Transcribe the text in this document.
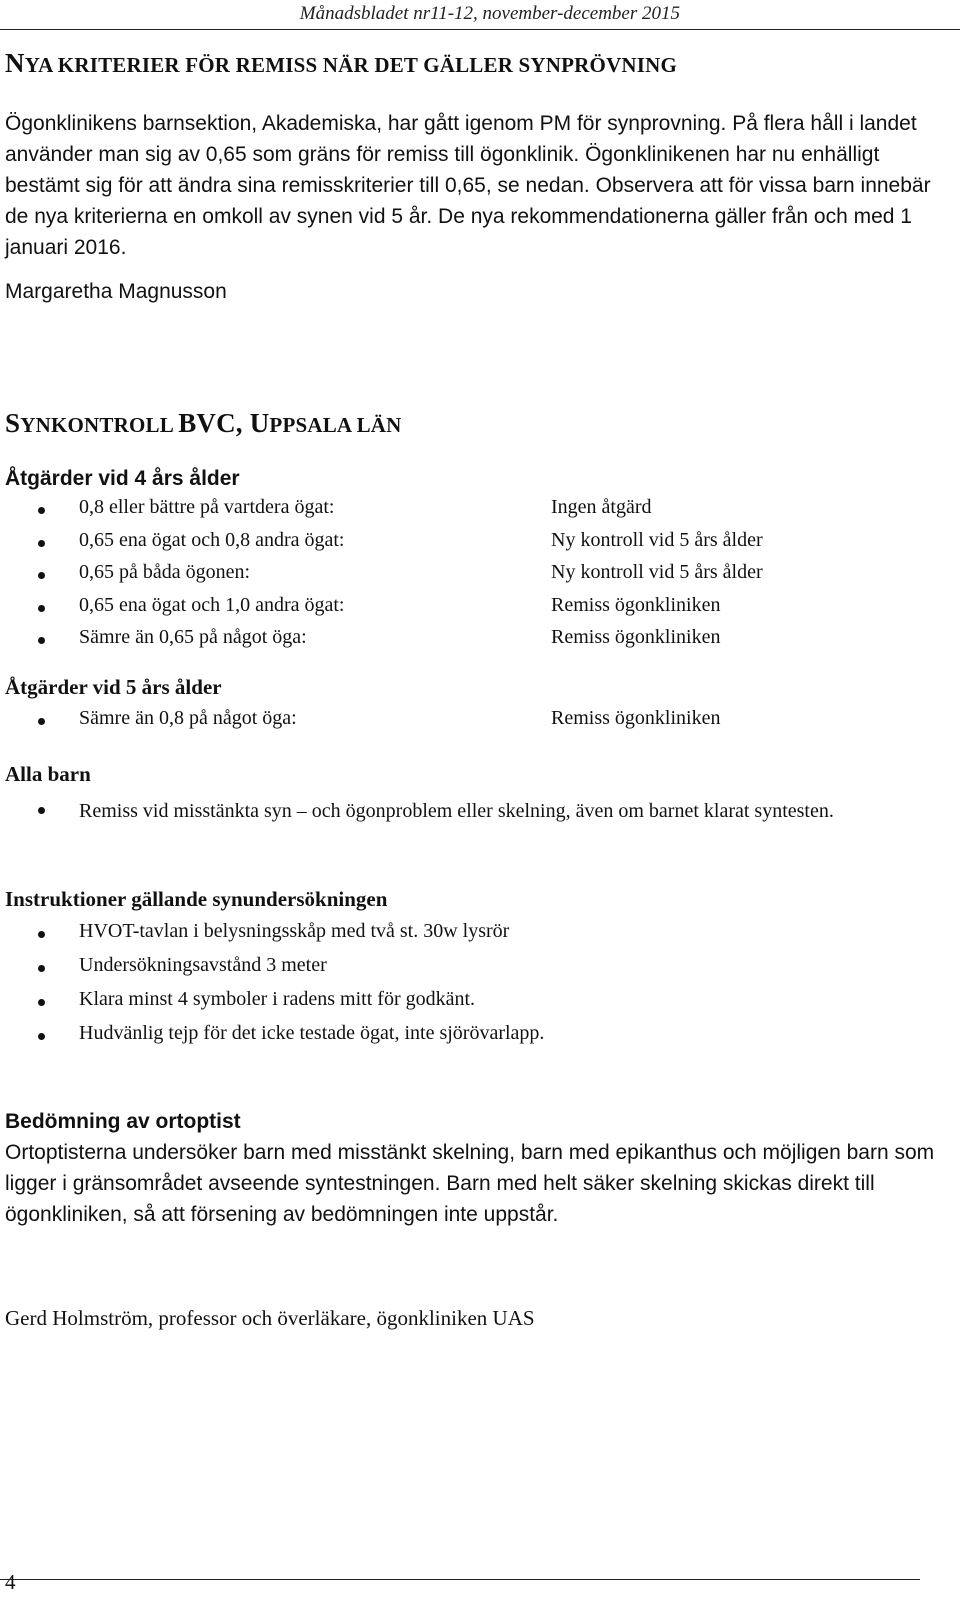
Månadsbladet nr11-12, november-december 2015
NYA KRITERIER FÖR REMISS NÄR DET GÄLLER SYNPRÖVNING

Ögonklinikens barnsektion, Akademiska, har gått igenom PM för synprovning. På flera håll i landet använder man sig av 0,65 som gräns för remiss till ögonklinik. Ögonklinikenen har nu enhälligt bestämt sig för att ändra sina remisskriterier till 0,65, se nedan. Observera att för vissa barn innebär de nya kriterierna en omkoll av synen vid 5 år. De nya rekommendationerna gäller från och med 1 januari 2016.

Margaretha Magnusson
SYNKONTROLL BVC, UPPSALA LÄN
Åtgärder vid 4 års ålder
0,8 eller bättre på vartdera ögat:	Ingen åtgärd
0,65 ena ögat och 0,8 andra ögat:	Ny kontroll vid 5 års ålder
0,65 på båda ögonen:	Ny kontroll vid 5 års ålder
0,65 ena ögat och 1,0 andra ögat:	Remiss ögonkliniken
Sämre än 0,65 på något öga:	Remiss ögonkliniken
Åtgärder vid 5 års ålder
Sämre än 0,8 på något öga:	Remiss ögonkliniken
Alla barn
Remiss vid misstänkta syn – och ögonproblem eller skelning, även om barnet klarat syntesten.
Instruktioner gällande synundersökningen
HVOT-tavlan i belysningsskåp med två st. 30w lysrör
Undersökningsavstånd 3 meter
Klara minst 4 symboler i radens mitt för godkänt.
Hudvänlig tejp för det icke testade ögat, inte sjörövarlapp.
Bedömning av ortoptist

Ortoptisterna undersöker barn med misstänkt skelning, barn med epikanthus och möjligen barn som ligger i gränsområdet avseende syntestningen. Barn med helt säker skelning skickas direkt till ögonkliniken, så att försening av bedömningen inte uppstår.

Gerd Holmström, professor och överläkare, ögonkliniken UAS
4
